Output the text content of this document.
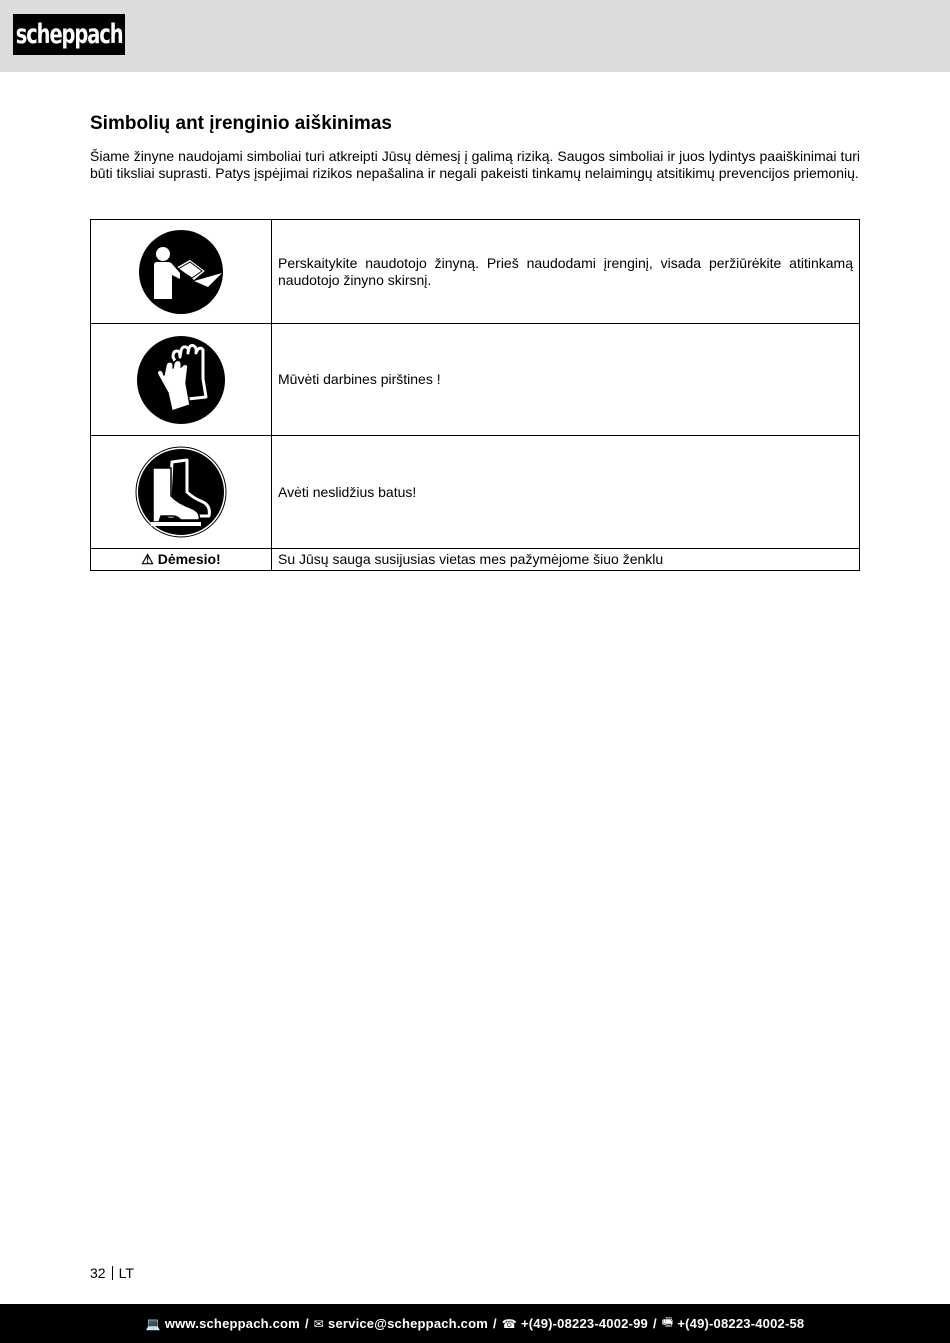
scheppach
Simbolių ant įrenginio aiškinimas

Šiame žinyne naudojami simboliai turi atkreipti Jūsų dėmesį į galimą riziką. Saugos simboliai ir juos lydintys paaiškinimai turi būti tiksliai suprasti. Patys įspėjimai rizikos nepašalina ir negali pakeisti tinkamų nelaimingų atsitikimų prevencijos priemonių.

	Perskaitykite naudotojo žinyną. Prieš naudodami įrenginį, visada peržiūrėkite atitinkamą naudotojo žinyno skirsnį.

	Mūvėti darbines pirštines !

	Avėti neslidžius batus!
⚠ Dėmesio!	Su Jūsų sauga susijusias vietas mes pažymėjome šiuo ženklu
32 LT
💻 www.scheppach.com / ✉ service@scheppach.com / ☎ +(49)-08223-4002-99 / 🖷 +(49)-08223-4002-58
